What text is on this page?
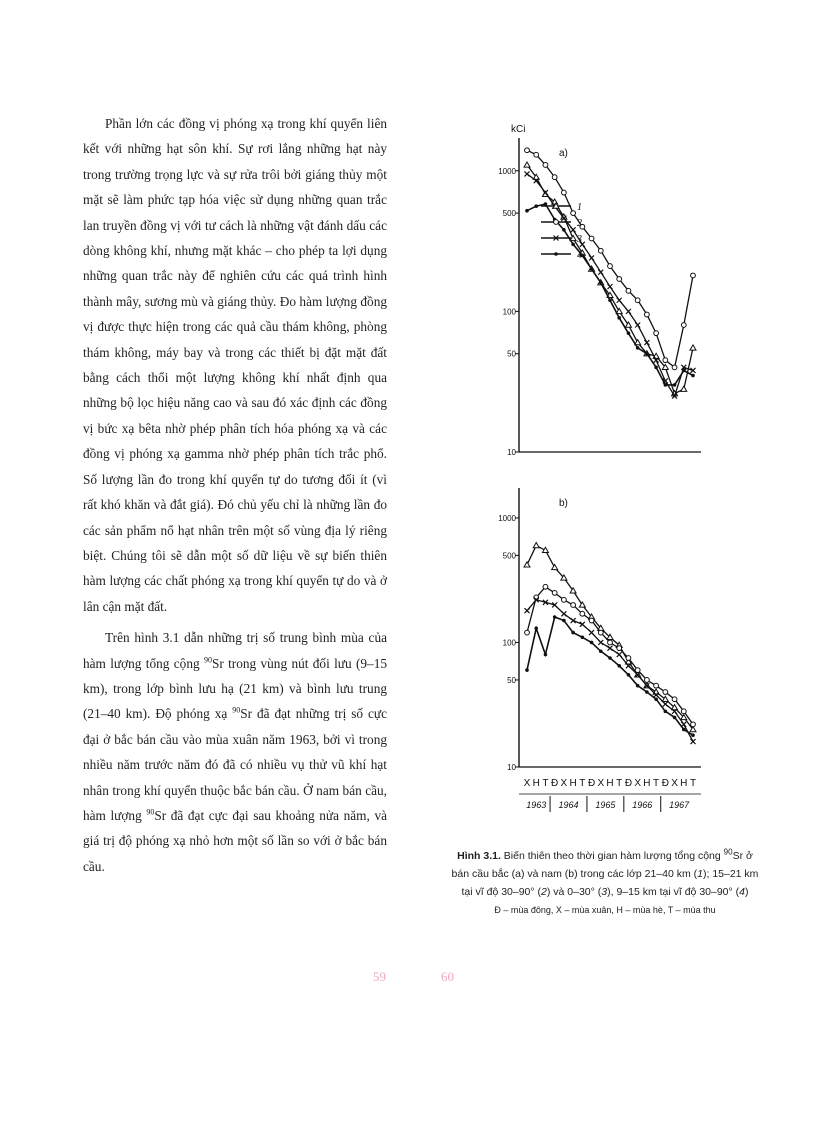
Phần lớn các đồng vị phóng xạ trong khí quyển liên kết với những hạt sôn khí. Sự rơi lắng những hạt này trong trường trọng lực và sự rửa trôi bởi giáng thủy một mặt sẽ làm phức tạp hóa việc sử dụng những quan trắc lan truyền đồng vị với tư cách là những vật đánh dấu các dòng không khí, nhưng mặt khác – cho phép ta lợi dụng những quan trắc này để nghiên cứu các quá trình hình thành mây, sương mù và giáng thủy. Đo hàm lượng đồng vị được thực hiện trong các quả cầu thám không, phòng thám không, máy bay và trong các thiết bị đặt mặt đất bằng cách thổi một lượng không khí nhất định qua những bộ lọc hiệu năng cao và sau đó xác định các đồng vị bức xạ bêta nhờ phép phân tích hóa phóng xạ và các đồng vị phóng xạ gamma nhờ phép phân tích trắc phổ. Số lượng lần đo trong khí quyển tự do tương đối ít (vì rất khó khăn và đắt giá). Đó chủ yếu chỉ là những lần đo các sản phẩm nổ hạt nhân trên một số vùng địa lý riêng biệt. Chúng tôi sẽ dẫn một số dữ liệu về sự biến thiên hàm lượng các chất phóng xạ trong khí quyển tự do và ở lân cận mặt đất.

Trên hình 3.1 dẫn những trị số trung bình mùa của hàm lượng tổng cộng $^{90}$Sr trong vùng nút đối lưu (9–15 km), trong lớp bình lưu hạ (21 km) và bình lưu trung (21–40 km). Độ phóng xạ $^{90}$Sr đã đạt những trị số cực đại ở bắc bán cầu vào mùa xuân năm 1963, bởi vì trong nhiều năm trước năm đó đã có nhiều vụ thử vũ khí hạt nhân trong khí quyển thuộc bắc bán cầu. Ở nam bán cầu, hàm lượng $^{90}$Sr đã đạt cực đại sau khoảng nửa năm, và giá trị độ phóng xạ nhỏ hơn một số lần so với ở bắc bán cầu.

kCi
1000
500
100
50
10
a)
1
2
3
4
1000
500
100
50
10
b)
X H T Đ X H T Đ X H T Đ X H T Đ X H T
1963 1964 1965 1966 1967
Hình 3.1. Biến thiên theo thời gian hàm lượng tổng cộng $^{90}$Sr ở bán cầu bắc (a) và nam (b) trong các lớp 21–40 km (1); 15–21 km tại vĩ độ 30–90° (2) và 0–30° (3), 9–15 km tại vĩ độ 30–90° (4)
Đ – mùa đông, X – mùa xuân, H – mùa hè, T – mùa thu
59	60
